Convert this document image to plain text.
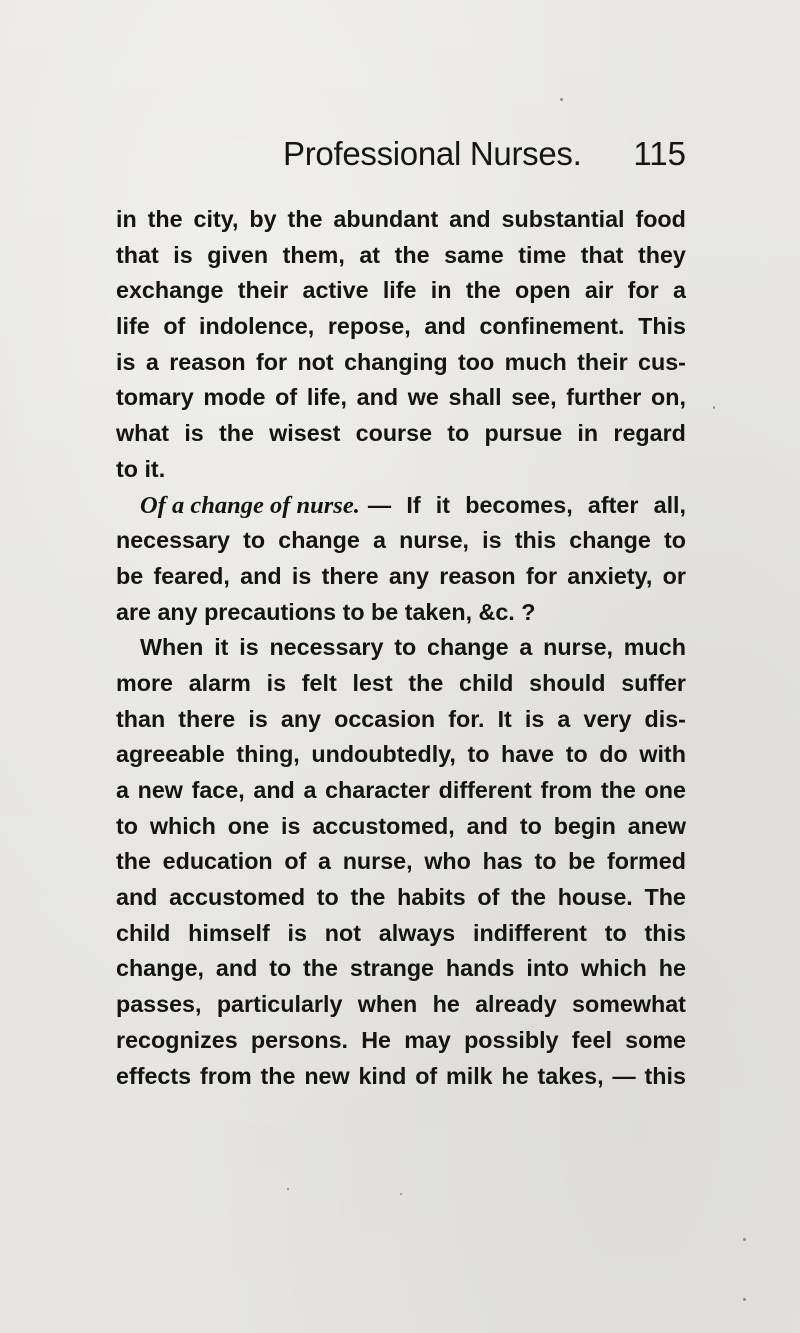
Professional Nurses. 115
in the city, by the abundant and substantial food
that is given them, at the same time that they
exchange their active life in the open air for a
life of indolence, repose, and confinement. This
is a reason for not changing too much their cus-
tomary mode of life, and we shall see, further on,
what is the wisest course to pursue in regard
to it.
Of a change of nurse. — If it becomes, after all,
necessary to change a nurse, is this change to
be feared, and is there any reason for anxiety, or
are any precautions to be taken, &c. ?
When it is necessary to change a nurse, much
more alarm is felt lest the child should suffer
than there is any occasion for. It is a very dis-
agreeable thing, undoubtedly, to have to do with
a new face, and a character different from the one
to which one is accustomed, and to begin anew
the education of a nurse, who has to be formed
and accustomed to the habits of the house. The
child himself is not always indifferent to this
change, and to the strange hands into which he
passes, particularly when he already somewhat
recognizes persons. He may possibly feel some
effects from the new kind of milk he takes, — this
